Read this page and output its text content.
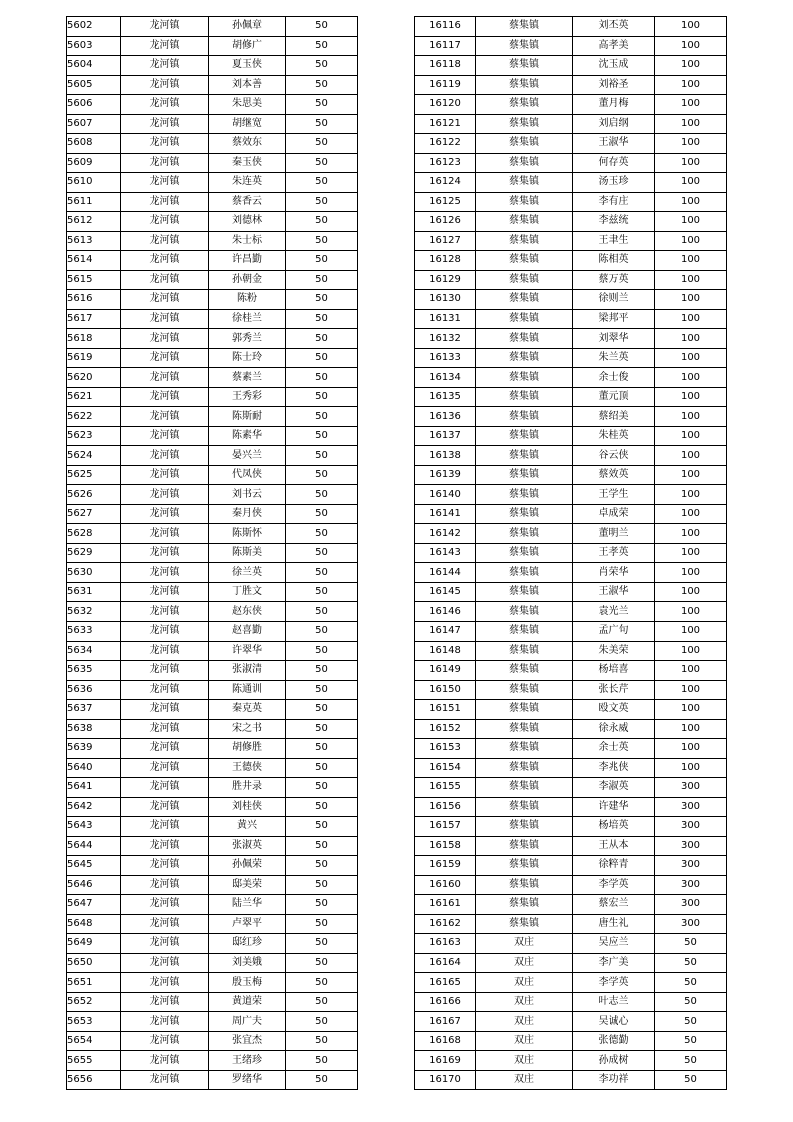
5602	龙河镇	孙佩章	50
5603	龙河镇	胡修广	50
5604	龙河镇	夏玉侠	50
5605	龙河镇	刘本善	50
5606	龙河镇	朱思美	50
5607	龙河镇	胡继宽	50
5608	龙河镇	蔡效东	50
5609	龙河镇	秦玉侠	50
5610	龙河镇	朱连英	50
5611	龙河镇	蔡香云	50
5612	龙河镇	刘德林	50
5613	龙河镇	朱士标	50
5614	龙河镇	许昌勤	50
5615	龙河镇	孙朝金	50
5616	龙河镇	陈粉	50
5617	龙河镇	徐桂兰	50
5618	龙河镇	郭秀兰	50
5619	龙河镇	陈士玲	50
5620	龙河镇	蔡素兰	50
5621	龙河镇	王秀彩	50
5622	龙河镇	陈斯耐	50
5623	龙河镇	陈素华	50
5624	龙河镇	晏兴兰	50
5625	龙河镇	代凤侠	50
5626	龙河镇	刘书云	50
5627	龙河镇	秦月侠	50
5628	龙河镇	陈斯怀	50
5629	龙河镇	陈斯美	50
5630	龙河镇	徐兰英	50
5631	龙河镇	丁胜文	50
5632	龙河镇	赵东侠	50
5633	龙河镇	赵喜勤	50
5634	龙河镇	许翠华	50
5635	龙河镇	张淑清	50
5636	龙河镇	陈通训	50
5637	龙河镇	秦克英	50
5638	龙河镇	宋之书	50
5639	龙河镇	胡修胜	50
5640	龙河镇	王德侠	50
5641	龙河镇	胜井录	50
5642	龙河镇	刘桂侠	50
5643	龙河镇	黄兴	50
5644	龙河镇	张淑英	50
5645	龙河镇	孙佩荣	50
5646	龙河镇	邸美荣	50
5647	龙河镇	陆兰华	50
5648	龙河镇	卢翠平	50
5649	龙河镇	邸红珍	50
5650	龙河镇	刘美娥	50
5651	龙河镇	殷玉梅	50
5652	龙河镇	黄道荣	50
5653	龙河镇	周广夫	50
5654	龙河镇	张宜杰	50
5655	龙河镇	王绪珍	50
5656	龙河镇	罗绪华	50
16116	蔡集镇	刘丕英	100
16117	蔡集镇	高孝美	100
16118	蔡集镇	沈玉成	100
16119	蔡集镇	刘裕圣	100
16120	蔡集镇	董月梅	100
16121	蔡集镇	刘启纲	100
16122	蔡集镇	王淑华	100
16123	蔡集镇	何存英	100
16124	蔡集镇	汤玉珍	100
16125	蔡集镇	李有庄	100
16126	蔡集镇	李兹统	100
16127	蔡集镇	王聿生	100
16128	蔡集镇	陈相英	100
16129	蔡集镇	蔡万英	100
16130	蔡集镇	徐则兰	100
16131	蔡集镇	梁邦平	100
16132	蔡集镇	刘翠华	100
16133	蔡集镇	朱兰英	100
16134	蔡集镇	余士俊	100
16135	蔡集镇	董元顶	100
16136	蔡集镇	蔡绍美	100
16137	蔡集镇	朱桂英	100
16138	蔡集镇	谷云侠	100
16139	蔡集镇	蔡效英	100
16140	蔡集镇	王学生	100
16141	蔡集镇	卓成荣	100
16142	蔡集镇	董明兰	100
16143	蔡集镇	王孝英	100
16144	蔡集镇	肖荣华	100
16145	蔡集镇	王淑华	100
16146	蔡集镇	袁光兰	100
16147	蔡集镇	孟广句	100
16148	蔡集镇	朱美荣	100
16149	蔡集镇	杨培喜	100
16150	蔡集镇	张长芹	100
16151	蔡集镇	殴文英	100
16152	蔡集镇	徐永威	100
16153	蔡集镇	余士英	100
16154	蔡集镇	李兆侠	100
16155	蔡集镇	李淑英	300
16156	蔡集镇	许建华	300
16157	蔡集镇	杨培英	300
16158	蔡集镇	王从本	300
16159	蔡集镇	徐粹青	300
16160	蔡集镇	李学英	300
16161	蔡集镇	蔡宏兰	300
16162	蔡集镇	唐生礼	300
16163	双庄	吴应兰	50
16164	双庄	李广美	50
16165	双庄	李学英	50
16166	双庄	叶志兰	50
16167	双庄	吴诚心	50
16168	双庄	张德勤	50
16169	双庄	孙成树	50
16170	双庄	李功祥	50
